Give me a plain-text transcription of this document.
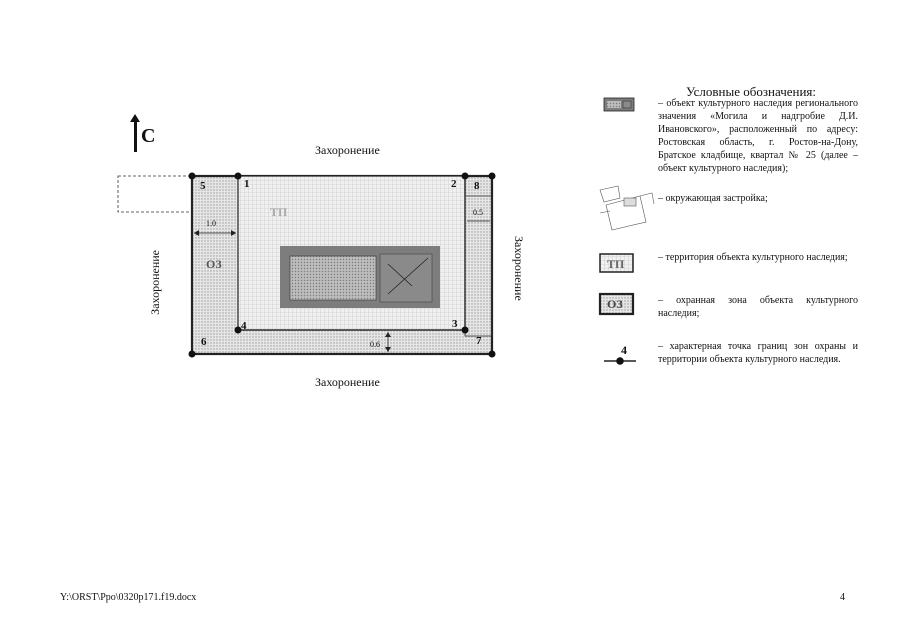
С
Захоронение
Захоронение
Захоронение	Захоронение
ТП
ОЗ
1.0
0.5
0.6
1	2
3
4
5
6	7
8
Условные обозначения:
– объект культурного наследия регионального значения «Могила и надгробие Д.И. Ивановского», расположенный по адресу: Ростовская область, г. Ростов-на-Дону, Братское кладбище, квартал № 25 (далее – объект культурного наследия);
– окружающая застройка;
– территория объекта культурного наследия;
– охранная зона объекта культурного наследия;
– характерная точка границ зон охраны и территории объекта культурного наследия.
ТП
ОЗ
4
Y:\ORST\Ppo\0320p171.f19.docx	4
